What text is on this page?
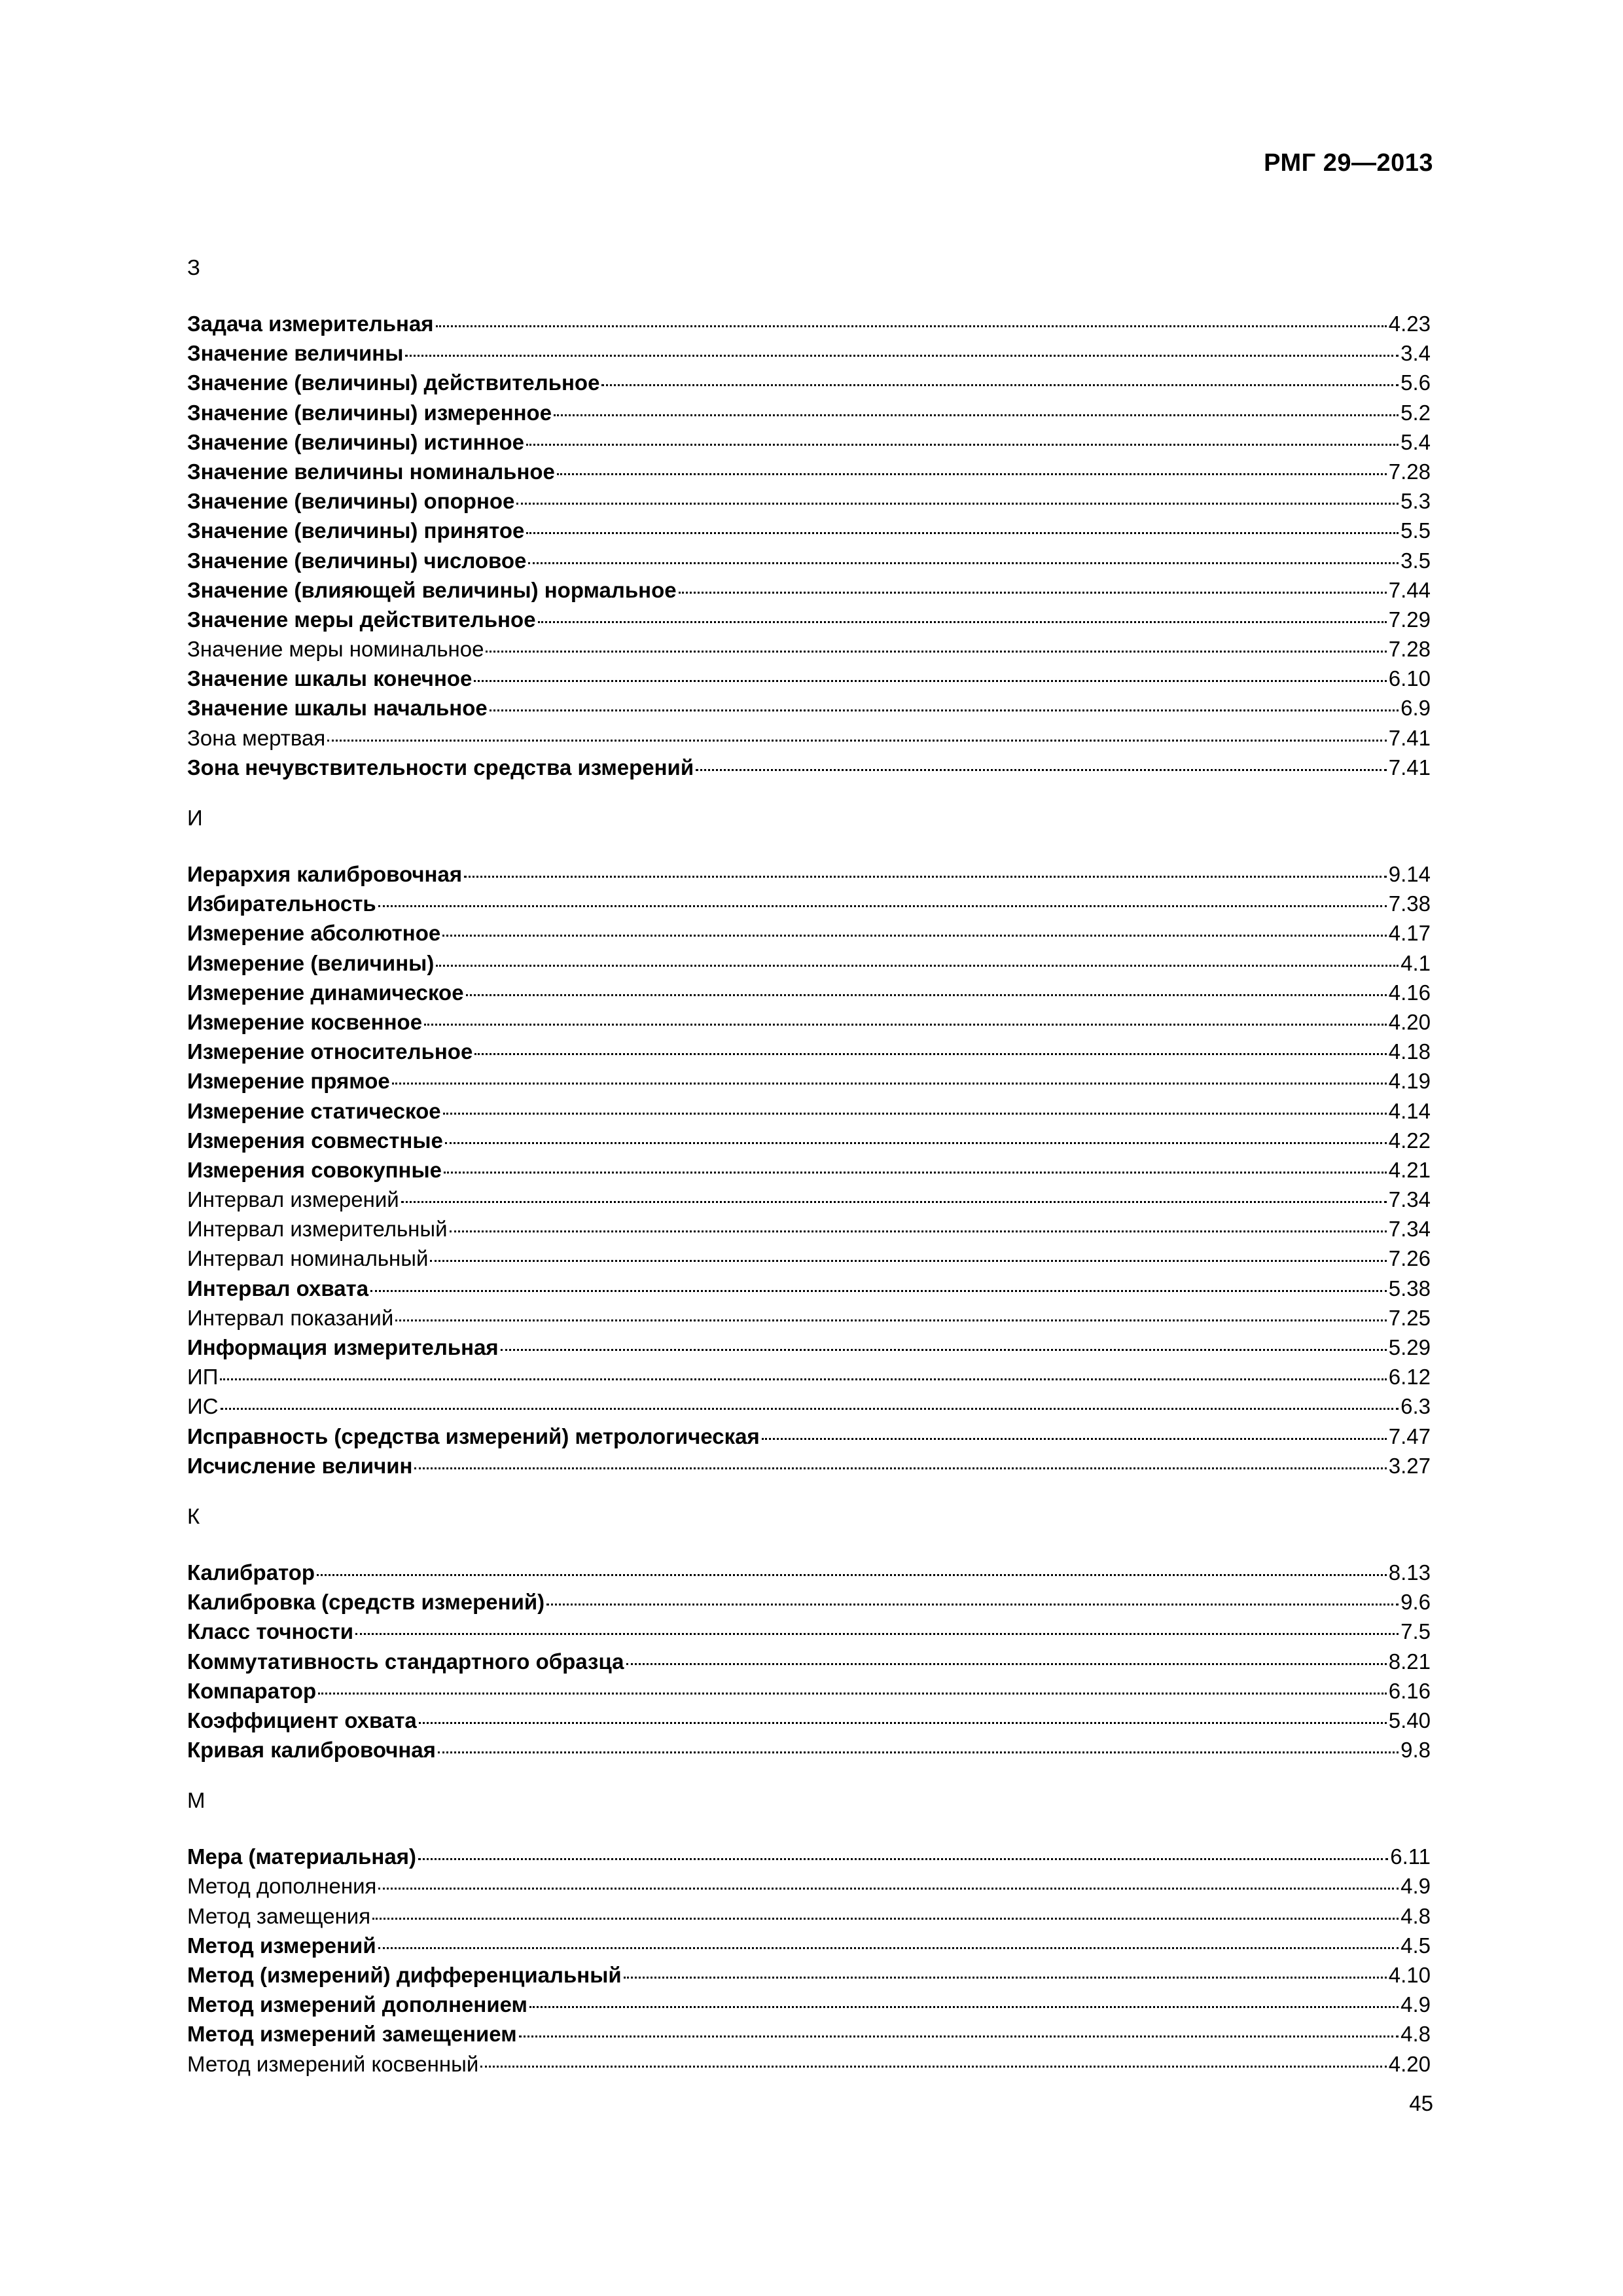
РМГ 29—2013
З
Задача измерительная	4.23
Значение величины	3.4
Значение (величины) действительное	5.6
Значение (величины) измеренное	5.2
Значение (величины) истинное	5.4
Значение величины номинальное	7.28
Значение (величины) опорное	5.3
Значение (величины) принятое	5.5
Значение (величины) числовое	3.5
Значение (влияющей величины) нормальное	7.44
Значение меры действительное	7.29
Значение меры номинальное	7.28
Значение шкалы конечное	6.10
Значение шкалы начальное	6.9
Зона мертвая	7.41
Зона нечувствительности средства измерений	7.41
И
Иерархия калибровочная	9.14
Избирательность	7.38
Измерение абсолютное	4.17
Измерение (величины)	4.1
Измерение динамическое	4.16
Измерение косвенное	4.20
Измерение относительное	4.18
Измерение прямое	4.19
Измерение статическое	4.14
Измерения совместные	4.22
Измерения совокупные	4.21
Интервал измерений	7.34
Интервал измерительный	7.34
Интервал номинальный	7.26
Интервал охвата	5.38
Интервал показаний	7.25
Информация измерительная	5.29
ИП	6.12
ИС	6.3
Исправность (средства измерений) метрологическая	7.47
Исчисление величин	3.27
К
Калибратор	8.13
Калибровка (средств измерений)	9.6
Класс точности	7.5
Коммутативность стандартного образца	8.21
Компаратор	6.16
Коэффициент охвата	5.40
Кривая калибровочная	9.8
М
Мера (материальная)	6.11
Метод дополнения	4.9
Метод замещения	4.8
Метод измерений	4.5
Метод (измерений) дифференциальный	4.10
Метод измерений дополнением	4.9
Метод измерений замещением	4.8
Метод измерений косвенный	4.20
45
